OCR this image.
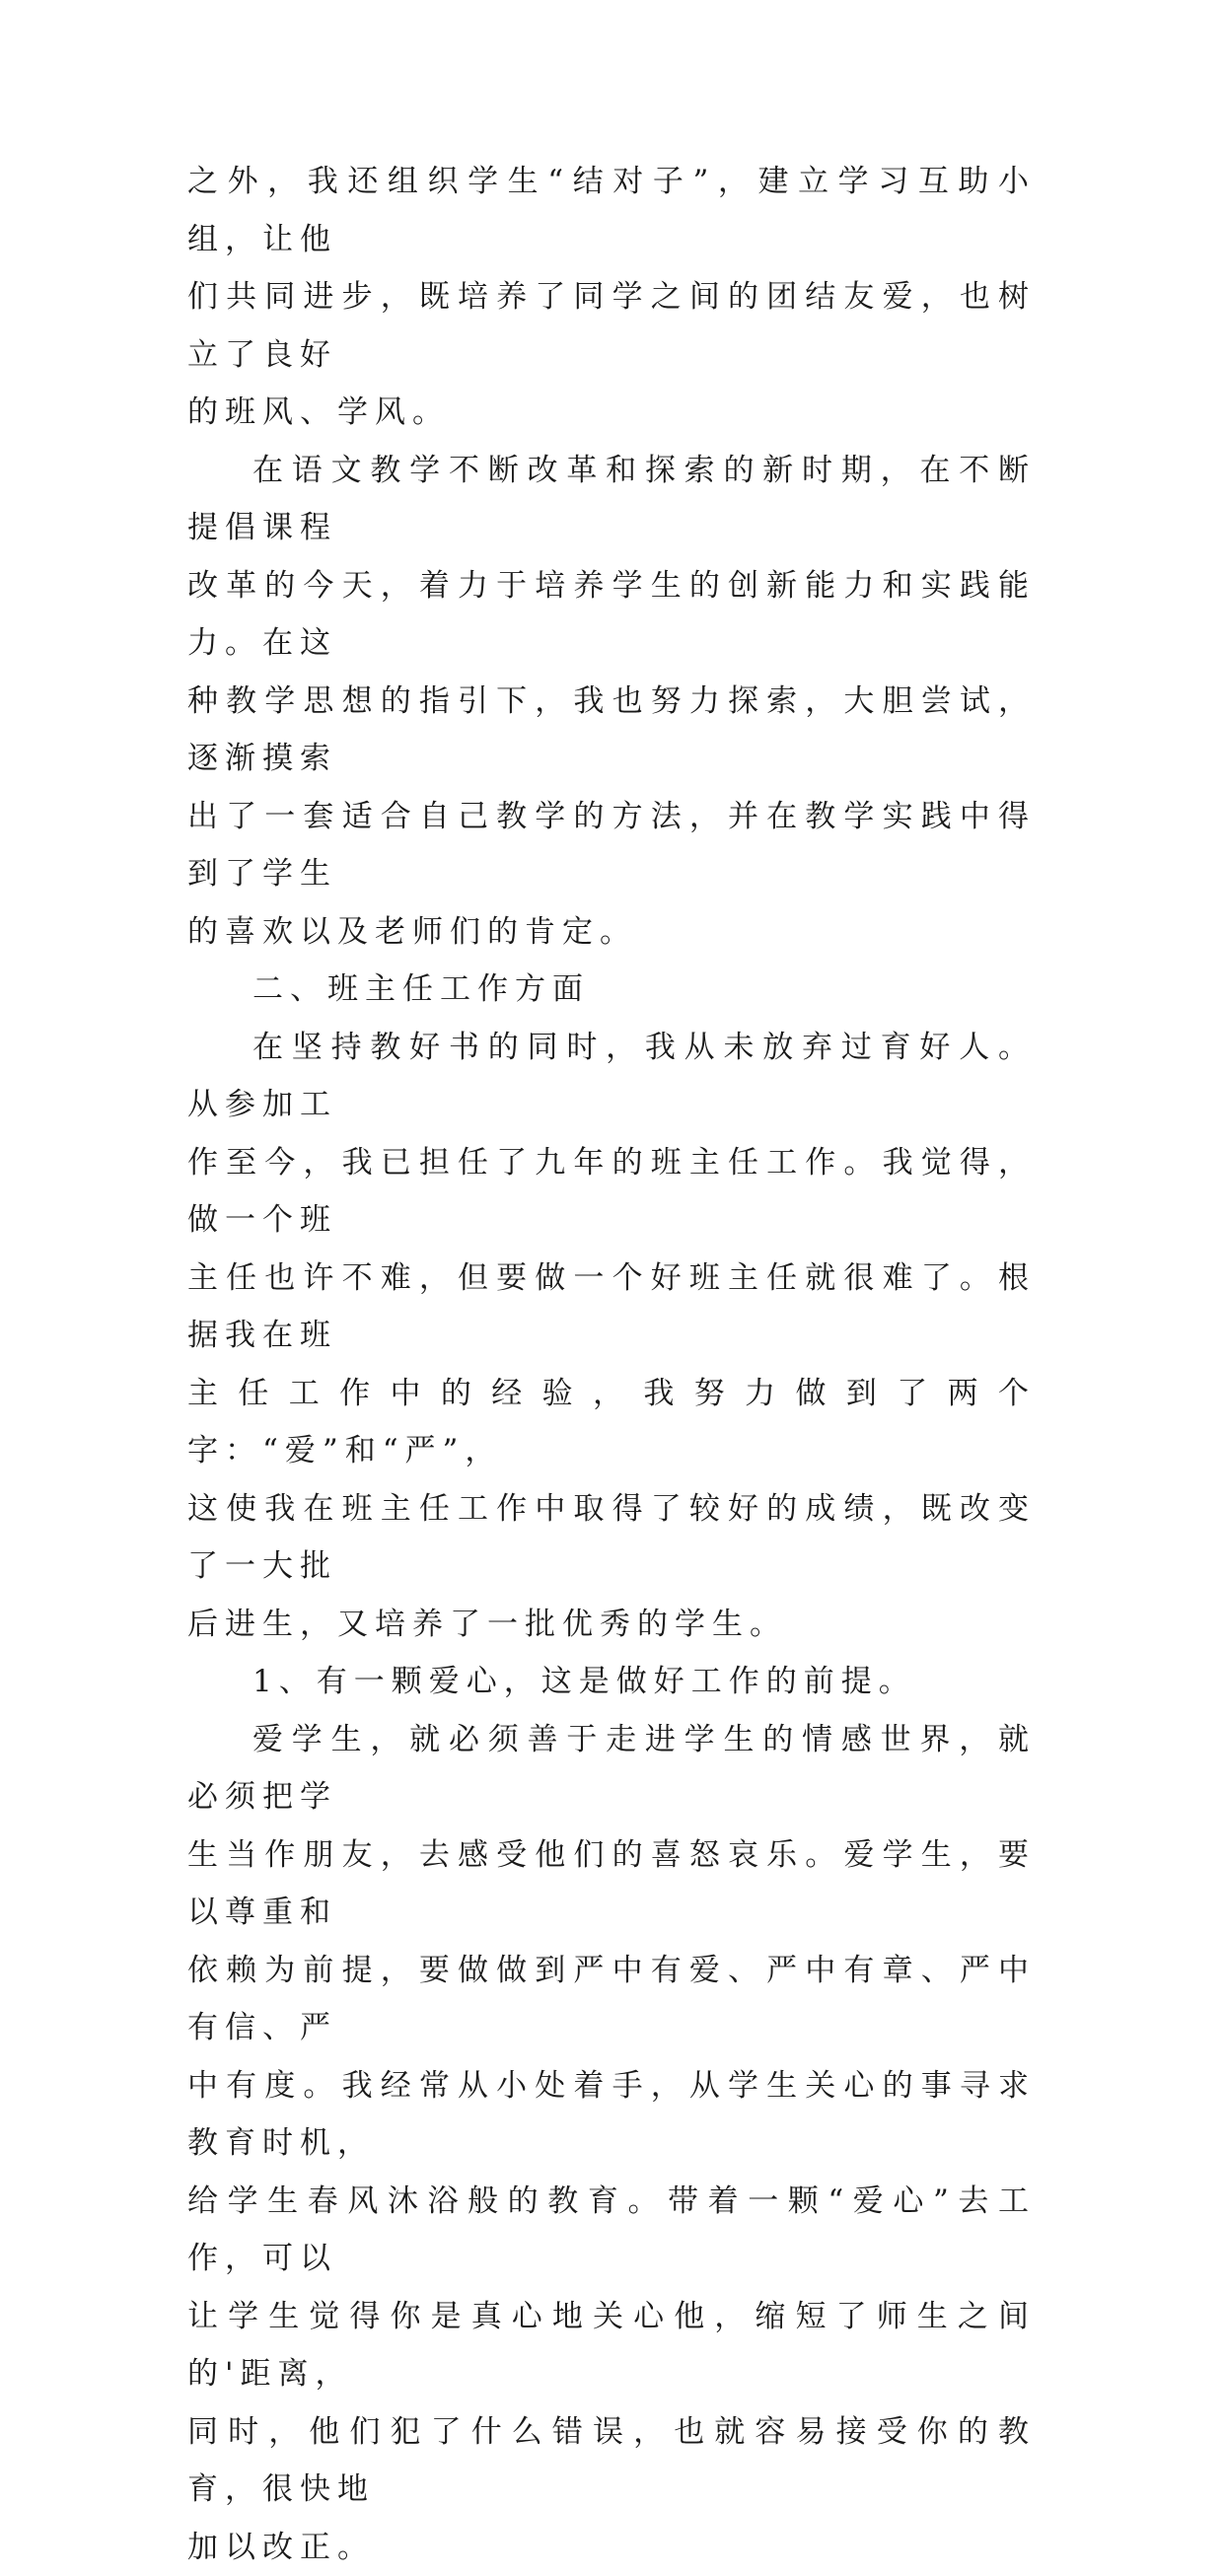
之外，我还组织学生“结对子”，建立学习互助小组，让他
们共同进步，既培养了同学之间的团结友爱，也树立了良好
的班风、学风。

在语文教学不断改革和探索的新时期，在不断提倡课程
改革的今天，着力于培养学生的创新能力和实践能力。在这
种教学思想的指引下，我也努力探索，大胆尝试，逐渐摸索
出了一套适合自己教学的方法，并在教学实践中得到了学生
的喜欢以及老师们的肯定。

二、班主任工作方面

在坚持教好书的同时，我从未放弃过育好人。从参加工
作至今，我已担任了九年的班主任工作。我觉得，做一个班
主任也许不难，但要做一个好班主任就很难了。根据我在班
主任工作中的经验，我努力做到了两个字：“爱”和“严”，
这使我在班主任工作中取得了较好的成绩，既改变了一大批
后进生，又培养了一批优秀的学生。

1、有一颗爱心，这是做好工作的前提。

爱学生，就必须善于走进学生的情感世界，就必须把学
生当作朋友，去感受他们的喜怒哀乐。爱学生，要以尊重和
依赖为前提，要做做到严中有爱、严中有章、严中有信、严
中有度。我经常从小处着手，从学生关心的事寻求教育时机，
给学生春风沐浴般的教育。带着一颗“爱心”去工作，可以
让学生觉得你是真心地关心他，缩短了师生之间的'距离，
同时，他们犯了什么错误，也就容易接受你的教育，很快地
加以改正。
